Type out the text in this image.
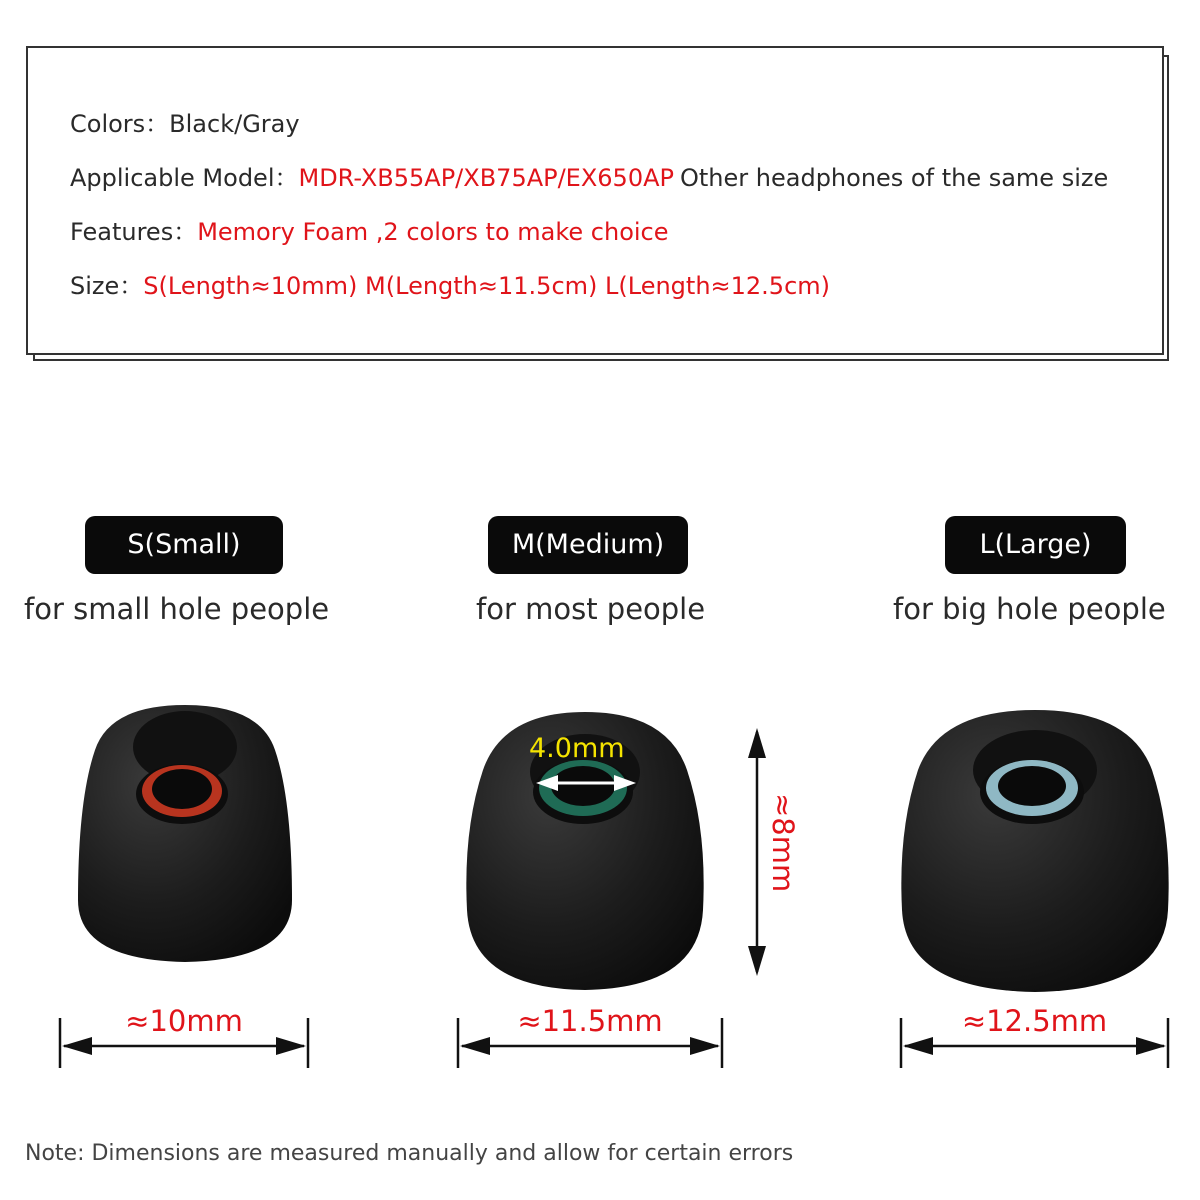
Colors：Black/Gray
Applicable Model：MDR-XB55AP/XB75AP/EX650AP Other headphones of the same size
Features：Memory Foam ,2 colors to make choice
Size：S(Length≈10mm) M(Length≈11.5cm) L(Length≈12.5cm)
S(Small)	M(Medium)	L(Large)
for small hole people	for most people	for big hole people
≈10mm	≈11.5mm	≈12.5mm
4.0mm
≈8mm
Note: Dimensions are measured manually and allow for certain errors
